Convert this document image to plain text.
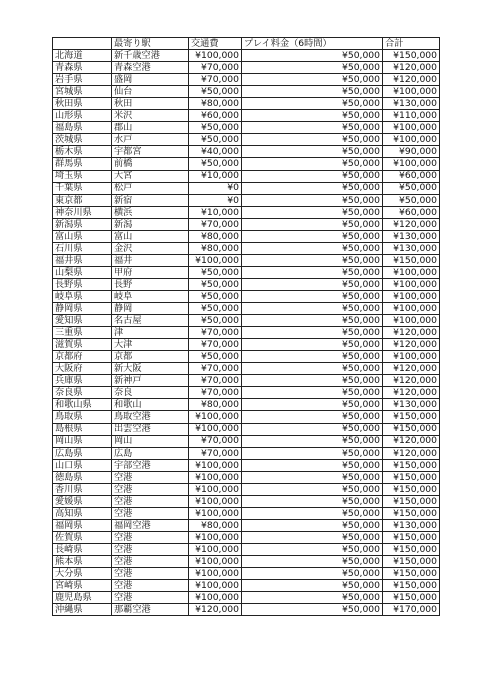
	最寄り駅	交通費	プレイ料金（6時間）	合計
北海道	新千歳空港	¥100,000	¥50,000	¥150,000
青森県	青森空港	¥70,000	¥50,000	¥120,000
岩手県	盛岡	¥70,000	¥50,000	¥120,000
宮城県	仙台	¥50,000	¥50,000	¥100,000
秋田県	秋田	¥80,000	¥50,000	¥130,000
山形県	米沢	¥60,000	¥50,000	¥110,000
福島県	郡山	¥50,000	¥50,000	¥100,000
茨城県	水戸	¥50,000	¥50,000	¥100,000
栃木県	宇都宮	¥40,000	¥50,000	¥90,000
群馬県	前橋	¥50,000	¥50,000	¥100,000
埼玉県	大宮	¥10,000	¥50,000	¥60,000
千葉県	松戸	¥0	¥50,000	¥50,000
東京都	新宿	¥0	¥50,000	¥50,000
神奈川県	横浜	¥10,000	¥50,000	¥60,000
新潟県	新潟	¥70,000	¥50,000	¥120,000
富山県	富山	¥80,000	¥50,000	¥130,000
石川県	金沢	¥80,000	¥50,000	¥130,000
福井県	福井	¥100,000	¥50,000	¥150,000
山梨県	甲府	¥50,000	¥50,000	¥100,000
長野県	長野	¥50,000	¥50,000	¥100,000
岐阜県	岐阜	¥50,000	¥50,000	¥100,000
静岡県	静岡	¥50,000	¥50,000	¥100,000
愛知県	名古屋	¥50,000	¥50,000	¥100,000
三重県	津	¥70,000	¥50,000	¥120,000
滋賀県	大津	¥70,000	¥50,000	¥120,000
京都府	京都	¥50,000	¥50,000	¥100,000
大阪府	新大阪	¥70,000	¥50,000	¥120,000
兵庫県	新神戸	¥70,000	¥50,000	¥120,000
奈良県	奈良	¥70,000	¥50,000	¥120,000
和歌山県	和歌山	¥80,000	¥50,000	¥130,000
鳥取県	鳥取空港	¥100,000	¥50,000	¥150,000
島根県	出雲空港	¥100,000	¥50,000	¥150,000
岡山県	岡山	¥70,000	¥50,000	¥120,000
広島県	広島	¥70,000	¥50,000	¥120,000
山口県	宇部空港	¥100,000	¥50,000	¥150,000
徳島県	空港	¥100,000	¥50,000	¥150,000
香川県	空港	¥100,000	¥50,000	¥150,000
愛媛県	空港	¥100,000	¥50,000	¥150,000
高知県	空港	¥100,000	¥50,000	¥150,000
福岡県	福岡空港	¥80,000	¥50,000	¥130,000
佐賀県	空港	¥100,000	¥50,000	¥150,000
長崎県	空港	¥100,000	¥50,000	¥150,000
熊本県	空港	¥100,000	¥50,000	¥150,000
大分県	空港	¥100,000	¥50,000	¥150,000
宮崎県	空港	¥100,000	¥50,000	¥150,000
鹿児島県	空港	¥100,000	¥50,000	¥150,000
沖縄県	那覇空港	¥120,000	¥50,000	¥170,000
